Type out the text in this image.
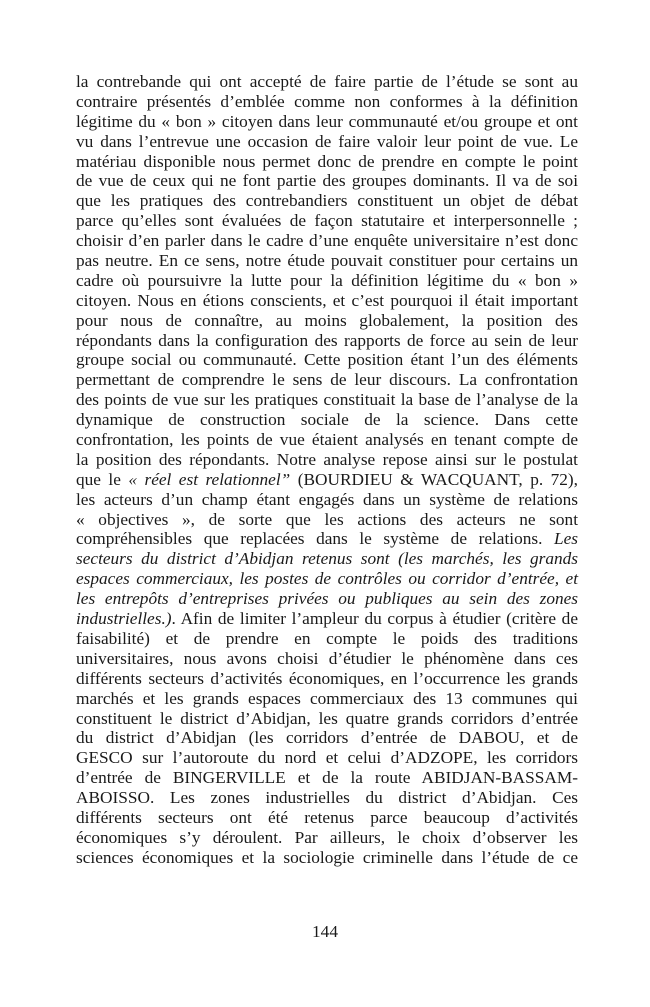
la contrebande qui ont accepté de faire partie de l’étude se sont au
contraire présentés d’emblée comme non conformes à la définition
légitime du « bon » citoyen dans leur communauté et/ou groupe et ont
vu dans l’entrevue une occasion de faire valoir leur point de vue. Le
matériau disponible nous permet donc de prendre en compte le point
de vue de ceux qui ne font partie des groupes dominants. Il va de soi
que les pratiques des contrebandiers constituent un objet de débat
parce qu’elles sont évaluées de façon statutaire et interpersonnelle ;
choisir d’en parler dans le cadre d’une enquête universitaire n’est donc
pas neutre. En ce sens, notre étude pouvait constituer pour certains un
cadre où poursuivre la lutte pour la définition légitime du « bon »
citoyen. Nous en étions conscients, et c’est pourquoi il était important
pour nous de connaître, au moins globalement, la position des
répondants dans la configuration des rapports de force au sein de leur
groupe social ou communauté. Cette position étant l’un des éléments
permettant de comprendre le sens de leur discours. La confrontation
des points de vue sur les pratiques constituait la base de l’analyse de la
dynamique de construction sociale de la science. Dans cette
confrontation, les points de vue étaient analysés en tenant compte de
la position des répondants. Notre analyse repose ainsi sur le postulat
que le « réel est relationnel” (BOURDIEU & WACQUANT, p. 72),
les acteurs d’un champ étant engagés dans un système de relations
« objectives », de sorte que les actions des acteurs ne sont
compréhensibles que replacées dans le système de relations. Les
secteurs du district d’Abidjan retenus sont (les marchés, les grands
espaces commerciaux, les postes de contrôles ou corridor d’entrée, et
les entrepôts d’entreprises privées ou publiques au sein des zones
industrielles.). Afin de limiter l’ampleur du corpus à étudier (critère de
faisabilité) et de prendre en compte le poids des traditions
universitaires, nous avons choisi d’étudier le phénomène dans ces
différents secteurs d’activités économiques, en l’occurrence les grands
marchés et les grands espaces commerciaux des 13 communes qui
constituent le district d’Abidjan, les quatre grands corridors d’entrée
du district d’Abidjan (les corridors d’entrée de DABOU, et de
GESCO sur l’autoroute du nord et celui d’ADZOPE, les corridors
d’entrée de BINGERVILLE et de la route ABIDJAN-BASSAM-
ABOISSO. Les zones industrielles du district d’Abidjan. Ces
différents secteurs ont été retenus parce beaucoup d’activités
économiques s’y déroulent. Par ailleurs, le choix d’observer les
sciences économiques et la sociologie criminelle dans l’étude de ce
144
